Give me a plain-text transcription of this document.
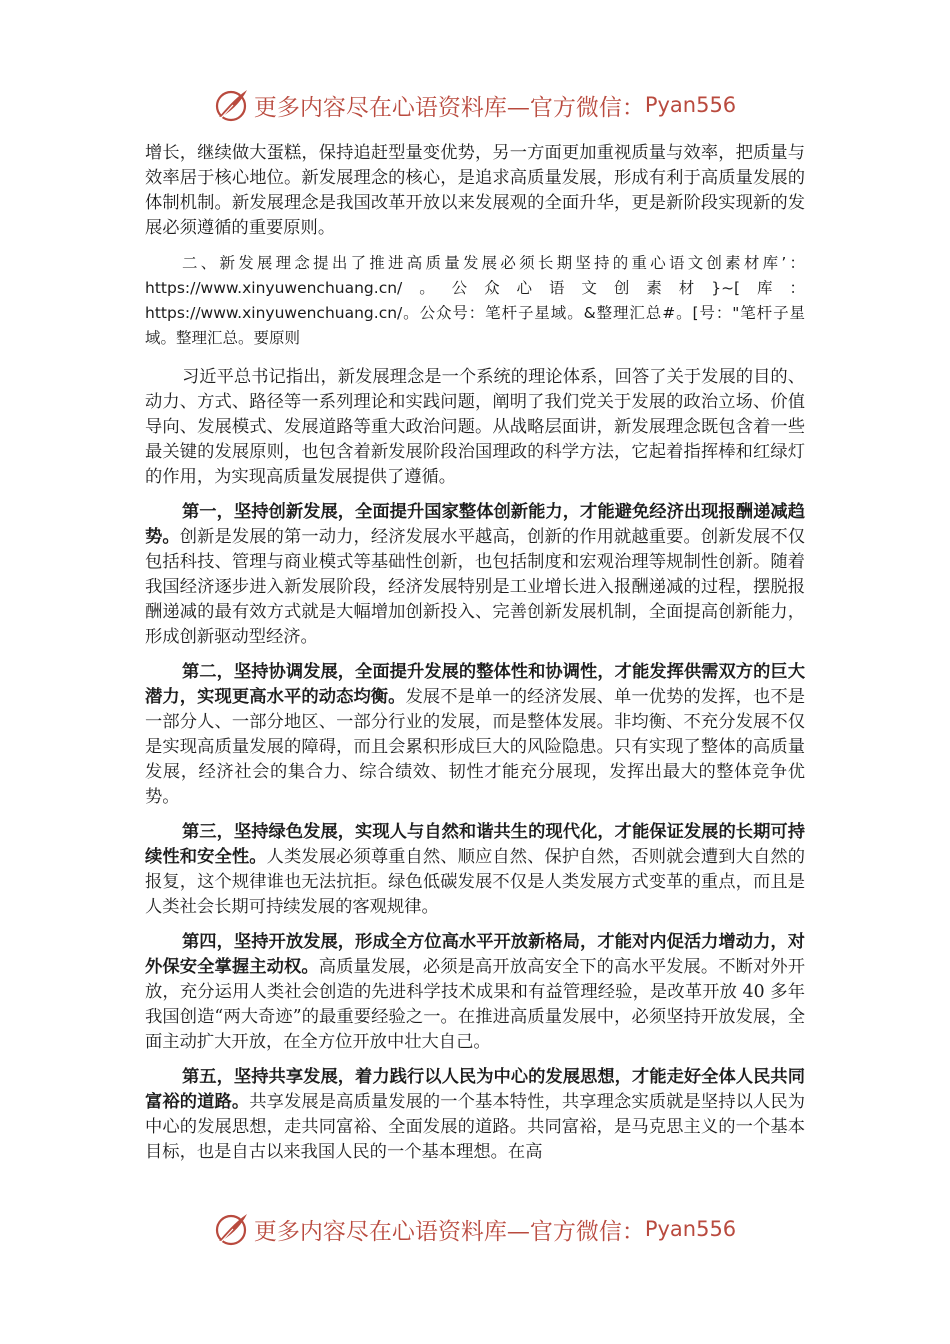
更多内容尽在心语资料库—官方微信： Pyan556

增长，继续做大蛋糕，保持追赶型量变优势，另一方面更加重视质量与效率，把质量与效率居于核心地位。新发展理念的核心，是追求高质量发展，形成有利于高质量发展的体制机制。新发展理念是我国改革开放以来发展观的全面升华，更是新阶段实现新的发展必须遵循的重要原则。

二、新发展理念提出了推进高质量发展必须长期坚持的重心语文创素材库’：https://www.xinyuwenchuang.cn/。公众心语文创素材}~[库：https://www.xinyuwenchuang.cn/。公众号：笔杆子星域。&整理汇总#。[号："笔杆子星域。整理汇总。要原则

习近平总书记指出，新发展理念是一个系统的理论体系，回答了关于发展的目的、动力、方式、路径等一系列理论和实践问题，阐明了我们党关于发展的政治立场、价值导向、发展模式、发展道路等重大政治问题。从战略层面讲，新发展理念既包含着一些最关键的发展原则，也包含着新发展阶段治国理政的科学方法，它起着指挥棒和红绿灯的作用，为实现高质量发展提供了遵循。

第一，坚持创新发展，全面提升国家整体创新能力，才能避免经济出现报酬递减趋势。创新是发展的第一动力，经济发展水平越高，创新的作用就越重要。创新发展不仅包括科技、管理与商业模式等基础性创新，也包括制度和宏观治理等规制性创新。随着我国经济逐步进入新发展阶段，经济发展特别是工业增长进入报酬递减的过程，摆脱报酬递减的最有效方式就是大幅增加创新投入、完善创新发展机制，全面提高创新能力，形成创新驱动型经济。

第二，坚持协调发展，全面提升发展的整体性和协调性，才能发挥供需双方的巨大潜力，实现更高水平的动态均衡。发展不是单一的经济发展、单一优势的发挥，也不是一部分人、一部分地区、一部分行业的发展，而是整体发展。非均衡、不充分发展不仅是实现高质量发展的障碍，而且会累积形成巨大的风险隐患。只有实现了整体的高质量发展，经济社会的集合力、综合绩效、韧性才能充分展现，发挥出最大的整体竞争优势。

第三，坚持绿色发展，实现人与自然和谐共生的现代化，才能保证发展的长期可持续性和安全性。人类发展必须尊重自然、顺应自然、保护自然，否则就会遭到大自然的报复，这个规律谁也无法抗拒。绿色低碳发展不仅是人类发展方式变革的重点，而且是人类社会长期可持续发展的客观规律。

第四，坚持开放发展，形成全方位高水平开放新格局，才能对内促活力增动力，对外保安全掌握主动权。高质量发展，必须是高开放高安全下的高水平发展。不断对外开放，充分运用人类社会创造的先进科学技术成果和有益管理经验，是改革开放 40 多年我国创造“两大奇迹”的最重要经验之一。在推进高质量发展中，必须坚持开放发展，全面主动扩大开放，在全方位开放中壮大自己。

第五，坚持共享发展，着力践行以人民为中心的发展思想，才能走好全体人民共同富裕的道路。共享发展是高质量发展的一个基本特性，共享理念实质就是坚持以人民为中心的发展思想，走共同富裕、全面发展的道路。共同富裕，是马克思主义的一个基本目标，也是自古以来我国人民的一个基本理想。在高

更多内容尽在心语资料库—官方微信： Pyan556
